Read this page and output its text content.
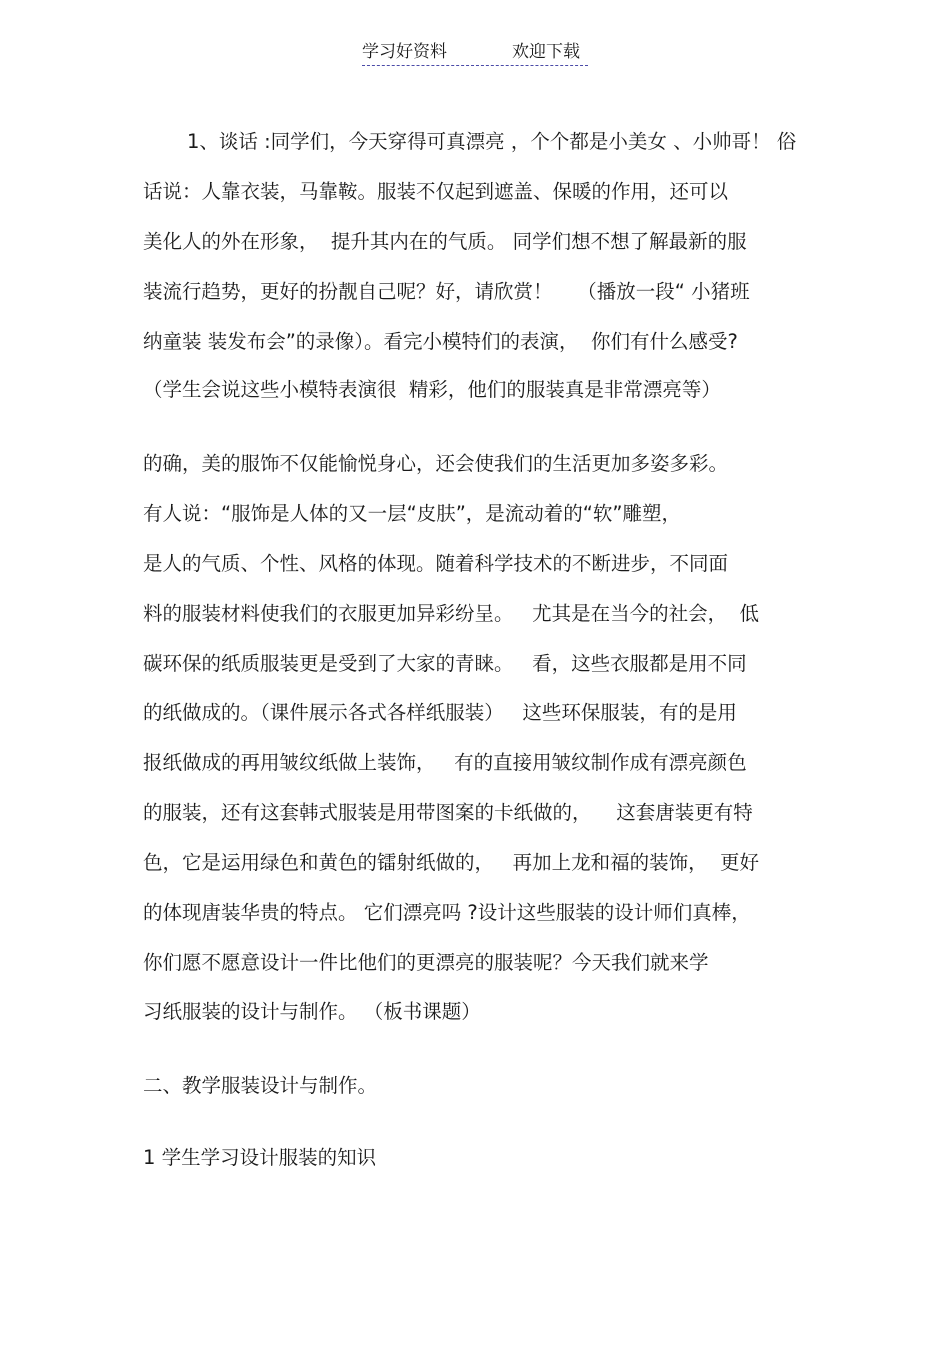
学习好资料	欢迎下载
1、谈话 :同学们，今天穿得可真漂亮 ，个个都是小美女 、小帅哥！ 俗
话说：人靠衣装，马靠鞍。服装不仅起到遮盖、保暖的作用，还可以
美化人的外在形象，  提升其内在的气质。 同学们想不想了解最新的服
装流行趋势，更好的扮靓自己呢？好，请欣赏！    （播放一段“ 小猪班
纳童装 装发布会”的录像）。看完小模特们的表演，  你们有什么感受?
（学生会说这些小模特表演很  精彩，他们的服装真是非常漂亮等）
的确，美的服饰不仅能愉悦身心，还会使我们的生活更加多姿多彩。
有人说：“服饰是人体的又一层“皮肤”，是流动着的“软”雕塑，
是人的气质、个性、风格的体现。随着科学技术的不断进步，不同面
料的服装材料使我们的衣服更加异彩纷呈。   尤其是在当今的社会，  低
碳环保的纸质服装更是受到了大家的青睐。   看，这些衣服都是用不同
的纸做成的。（课件展示各式各样纸服装）   这些环保服装，有的是用
报纸做成的再用皱纹纸做上装饰，   有的直接用皱纹制作成有漂亮颜色
的服装，还有这套韩式服装是用带图案的卡纸做的，    这套唐装更有特
色，它是运用绿色和黄色的镭射纸做的，   再加上龙和福的装饰，  更好
的体现唐装华贵的特点。 它们漂亮吗 ?设计这些服装的设计师们真棒，
你们愿不愿意设计一件比他们的更漂亮的服装呢？今天我们就来学
习纸服装的设计与制作。 （板书课题）
二、教学服装设计与制作。
1 学生学习设计服装的知识
